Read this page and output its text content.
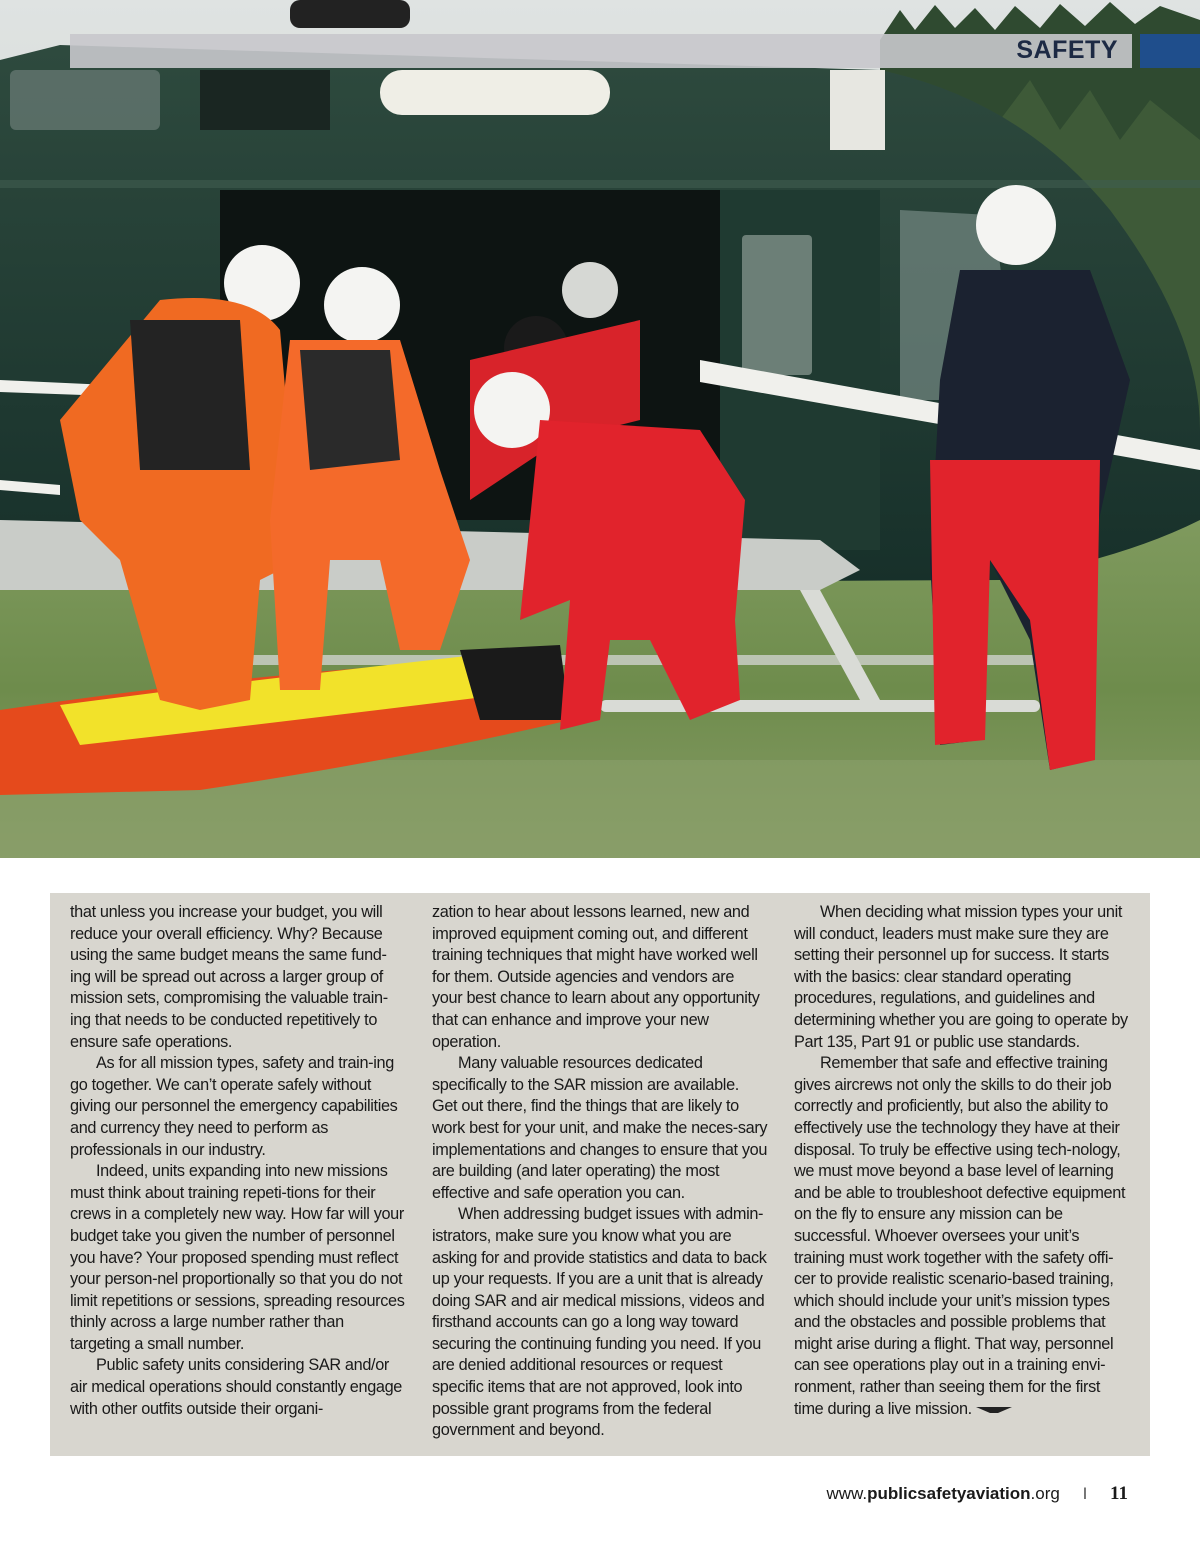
SAFETY

that unless you increase your budget, you will reduce your overall efficiency. Why? Because using the same budget means the same fund-ing will be spread out across a larger group of mission sets, compromising the valuable train-ing that needs to be conducted repetitively to ensure safe operations.

As for all mission types, safety and train-ing go together. We can’t operate safely without giving our personnel the emergency capabilities and currency they need to perform as professionals in our industry.

Indeed, units expanding into new missions must think about training repeti-tions for their crews in a completely new way. How far will your budget take you given the number of personnel you have? Your proposed spending must reflect your person-nel proportionally so that you do not limit repetitions or sessions, spreading resources thinly across a large number rather than targeting a small number.

Public safety units considering SAR and/or air medical operations should constantly engage with other outfits outside their organi-

zation to hear about lessons learned, new and improved equipment coming out, and different training techniques that might have worked well for them. Outside agencies and vendors are your best chance to learn about any opportunity that can enhance and improve your new operation.

Many valuable resources dedicated specifically to the SAR mission are available. Get out there, find the things that are likely to work best for your unit, and make the neces-sary implementations and changes to ensure that you are building (and later operating) the most effective and safe operation you can.

When addressing budget issues with admin-istrators, make sure you know what you are asking for and provide statistics and data to back up your requests. If you are a unit that is already doing SAR and air medical missions, videos and firsthand accounts can go a long way toward securing the continuing funding you need. If you are denied additional resources or request specific items that are not approved, look into possible grant programs from the federal government and beyond.

When deciding what mission types your unit will conduct, leaders must make sure they are setting their personnel up for success. It starts with the basics: clear standard operating procedures, regulations, and guidelines and determining whether you are going to operate by Part 135, Part 91 or public use standards.

Remember that safe and effective training gives aircrews not only the skills to do their job correctly and proficiently, but also the ability to effectively use the technology they have at their disposal. To truly be effective using tech-nology, we must move beyond a base level of learning and be able to troubleshoot defective equipment on the fly to ensure any mission can be successful. Whoever oversees your unit’s training must work together with the safety offi-cer to provide realistic scenario-based training, which should include your unit’s mission types and the obstacles and possible problems that might arise during a flight. That way, personnel can see operations play out in a training envi-ronment, rather than seeing them for the first time during a live mission.

www.publicsafetyaviation.org I 11
